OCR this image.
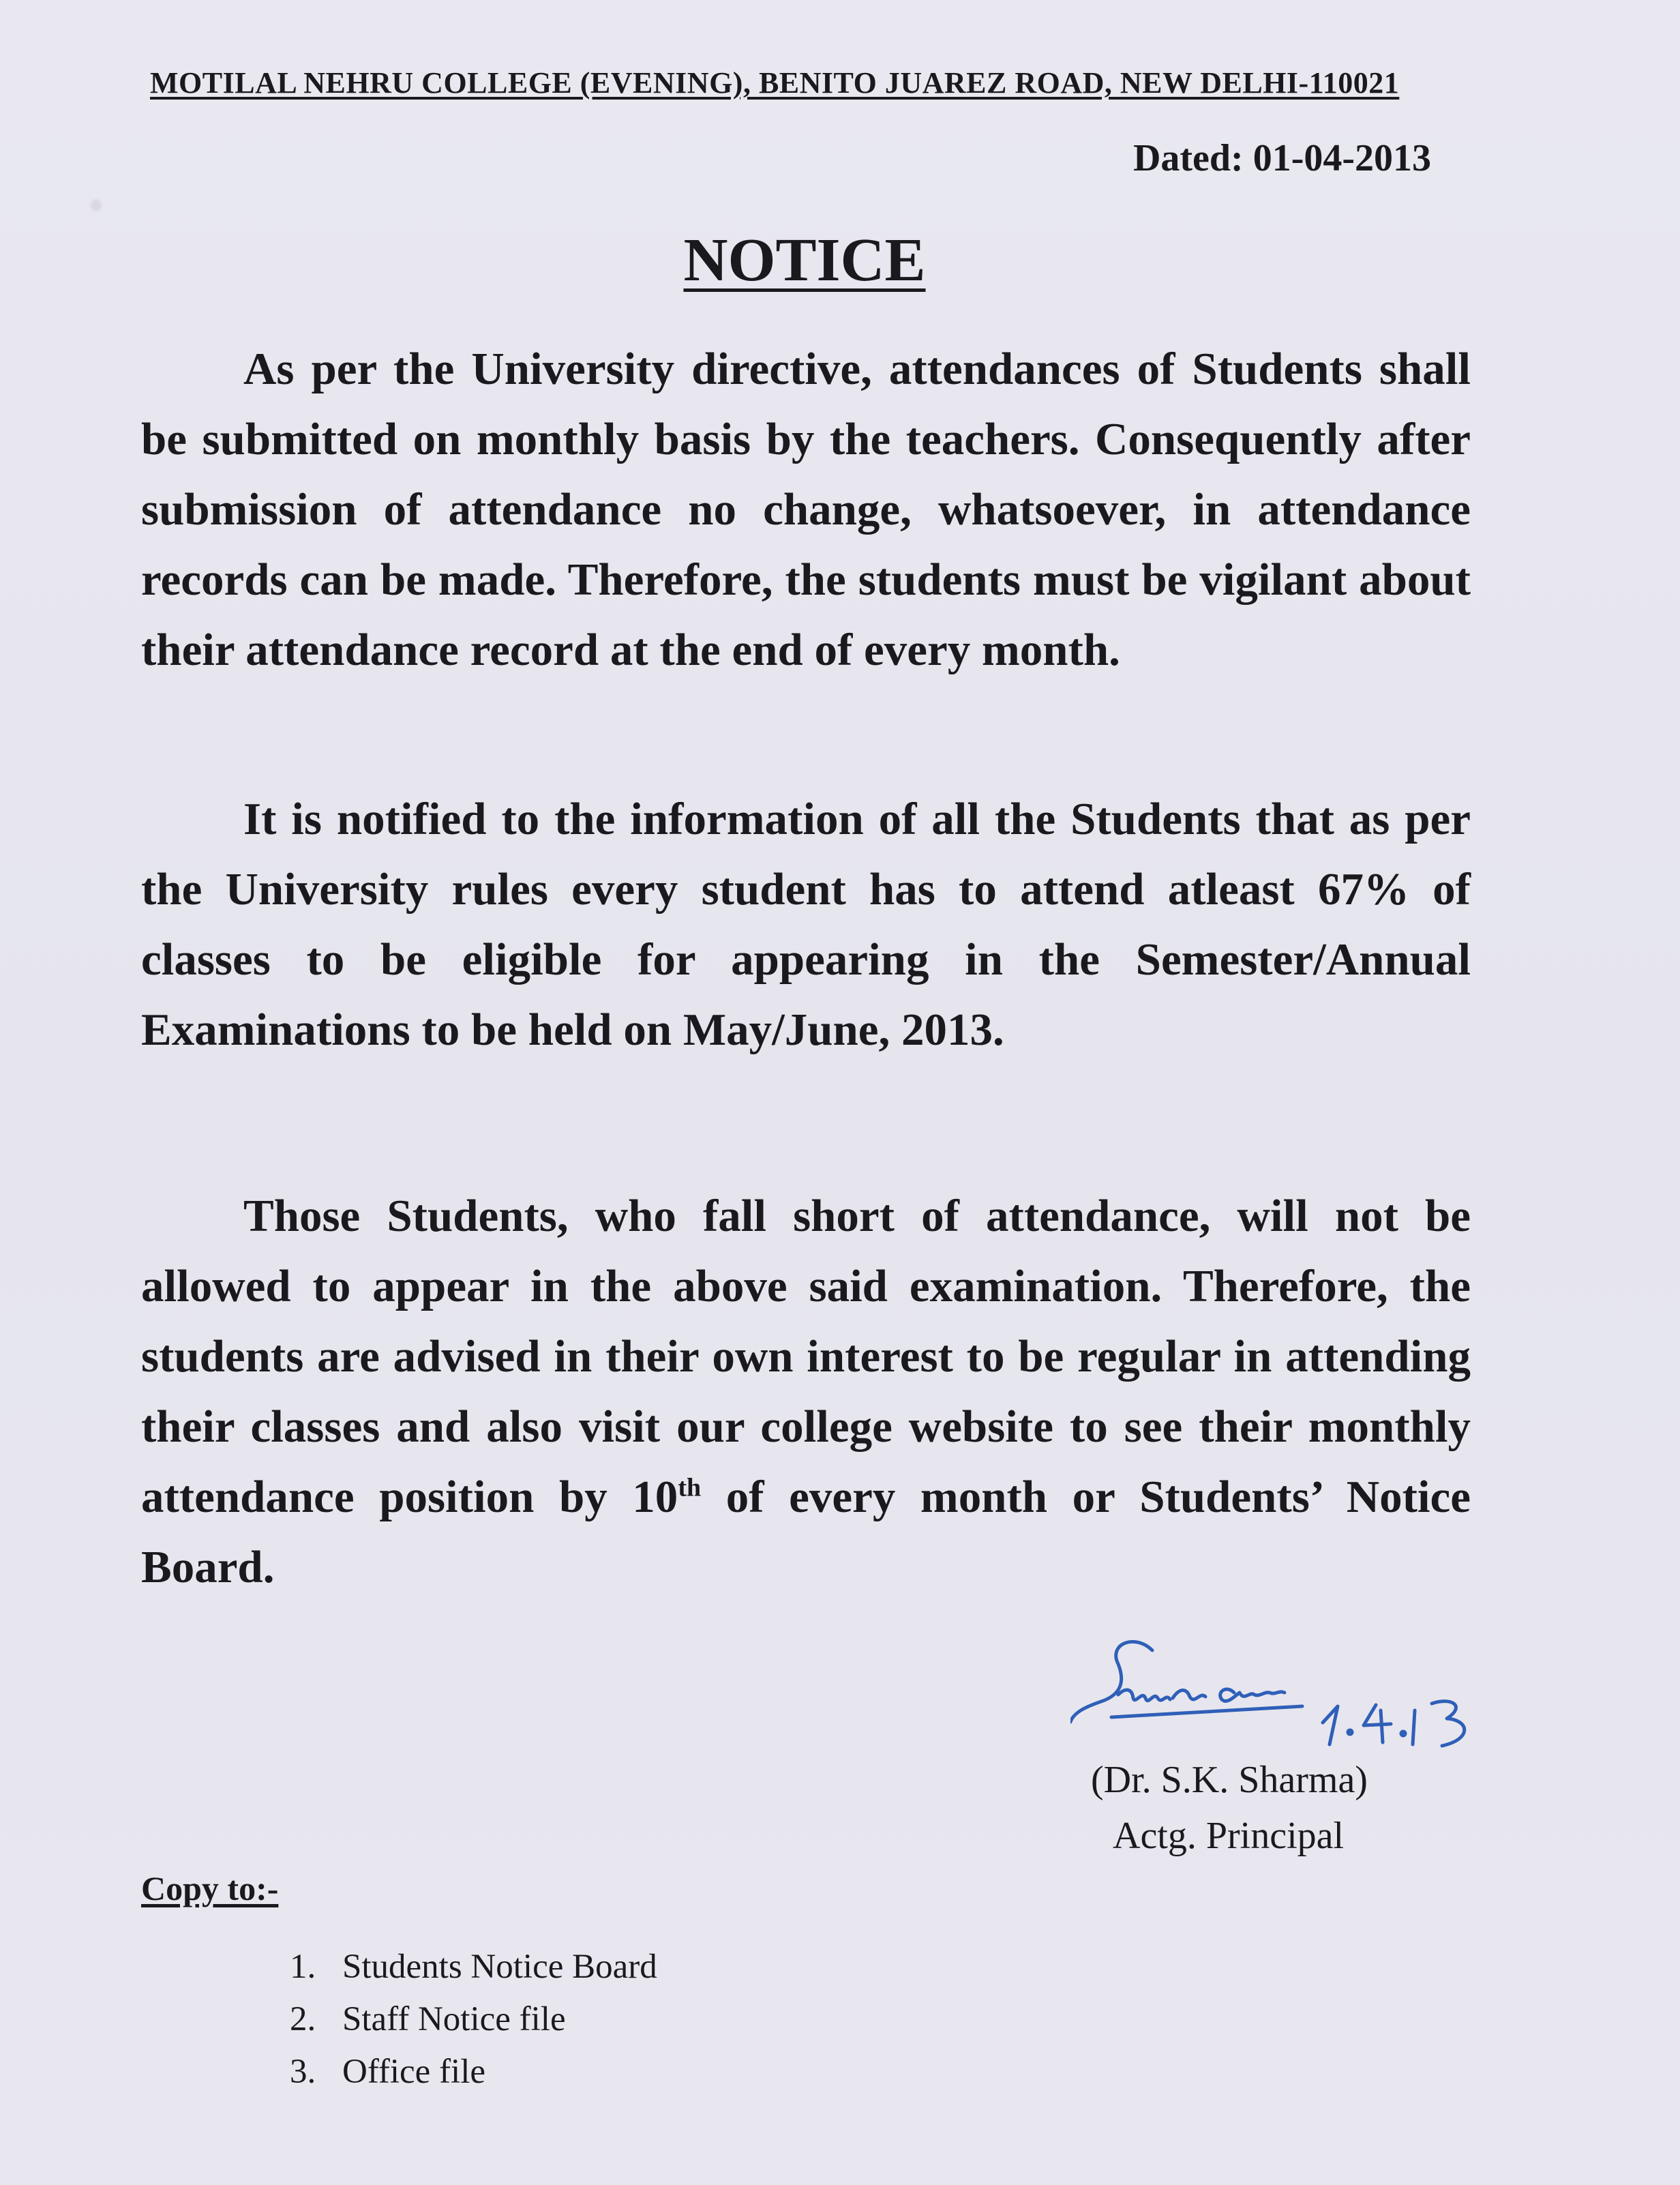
MOTILAL NEHRU COLLEGE (EVENING), BENITO JUAREZ ROAD, NEW DELHI-110021
Dated: 01-04-2013
NOTICE

As per the University directive, attendances of Students shall be submitted on monthly basis by the teachers. Consequently after submission of attendance no change, whatsoever, in attendance records can be made. Therefore, the students must be vigilant about their attendance record at the end of every month.

It is notified to the information of all the Students that as per the University rules every student has to attend atleast 67% of classes to be eligible for appearing in the Semester/Annual Examinations to be held on May/June, 2013.

Those Students, who fall short of attendance, will not be allowed to appear in the above said examination. Therefore, the students are advised in their own interest to be regular in attending their classes and also visit our college website to see their monthly attendance position by 10th of every month or Students’ Notice Board.

(Dr. S.K. Sharma)
Actg. Principal
Copy to:-
1. Students Notice Board
2. Staff Notice file
3. Office file
